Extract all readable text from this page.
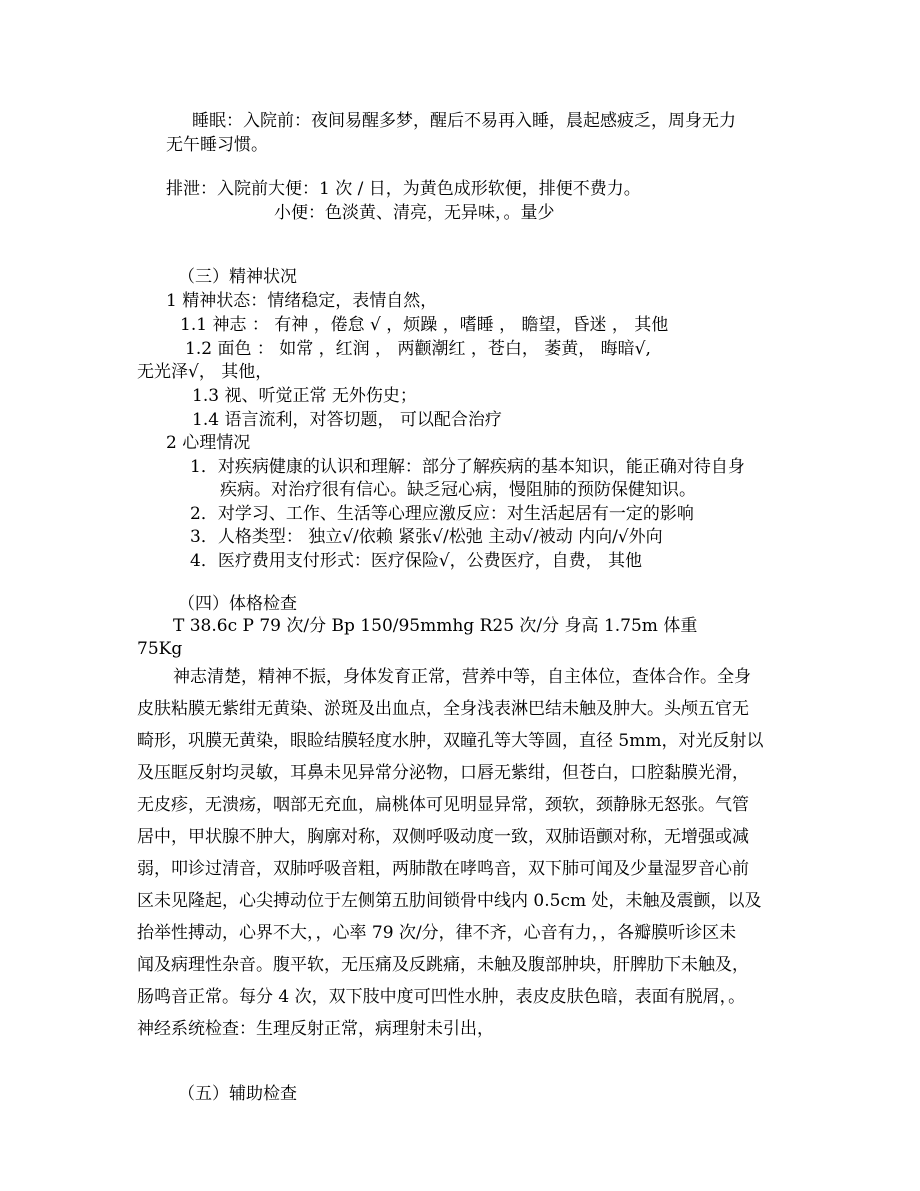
睡眠：入院前：夜间易醒多梦，醒后不易再入睡，晨起感疲乏，周身无力
无午睡习惯。
排泄：入院前大便：1 次 / 日，为黄色成形软便，排便不费力。
小便：色淡黄、清亮，无异味，。量少
（三）精神状况
1 精神状态：情绪稳定，表情自然，
1.1 神志 ： 有神 ，倦怠 √ ，烦躁 ，嗜睡 ， 瞻望，昏迷 ， 其他
1.2 面色 ： 如常 ，红润 ， 两颧潮红 ，苍白， 萎黄， 晦暗√,
无光泽√， 其他，
1.3 视、听觉正常 无外伤史；
1.4 语言流利，对答切题， 可以配合治疗
2 心理情况
1．对疾病健康的认识和理解：部分了解疾病的基本知识，能正确对待自身
疾病。对治疗很有信心。缺乏冠心病，慢阻肺的预防保健知识。
2．对学习、工作、生活等心理应激反应：对生活起居有一定的影响
3．人格类型： 独立√/依赖 紧张√/松弛 主动√/被动 内向/√外向
4．医疗费用支付形式：医疗保险√，公费医疗，自费， 其他
（四）体格检查
T 38.6c P 79 次/分 Bp 150/95mmhg R25 次/分 身高 1.75m 体重
75Kg
神志清楚，精神不振，身体发育正常，营养中等，自主体位，查体合作。全身
皮肤粘膜无紫绀无黄染、淤斑及出血点，全身浅表淋巴结未触及肿大。头颅五官无
畸形，巩膜无黄染，眼睑结膜轻度水肿，双瞳孔等大等圆，直径 5mm，对光反射以
及压眶反射均灵敏，耳鼻未见异常分泌物，口唇无紫绀，但苍白，口腔黏膜光滑，
无皮疹，无溃疡，咽部无充血，扁桃体可见明显异常，颈软，颈静脉无怒张。气管
居中，甲状腺不肿大，胸廓对称，双侧呼吸动度一致，双肺语颤对称，无增强或减
弱，叩诊过清音，双肺呼吸音粗，两肺散在哮鸣音，双下肺可闻及少量湿罗音心前
区未见隆起，心尖搏动位于左侧第五肋间锁骨中线内 0.5cm 处，未触及震颤，以及
抬举性搏动，心界不大，，心率 79 次/分，律不齐，心音有力，，各瓣膜听诊区未
闻及病理性杂音。腹平软，无压痛及反跳痛，未触及腹部肿块，肝脾肋下未触及，
肠鸣音正常。每分 4 次，双下肢中度可凹性水肿，表皮皮肤色暗，表面有脱屑，。
神经系统检查：生理反射正常，病理射未引出，
（五）辅助检查
